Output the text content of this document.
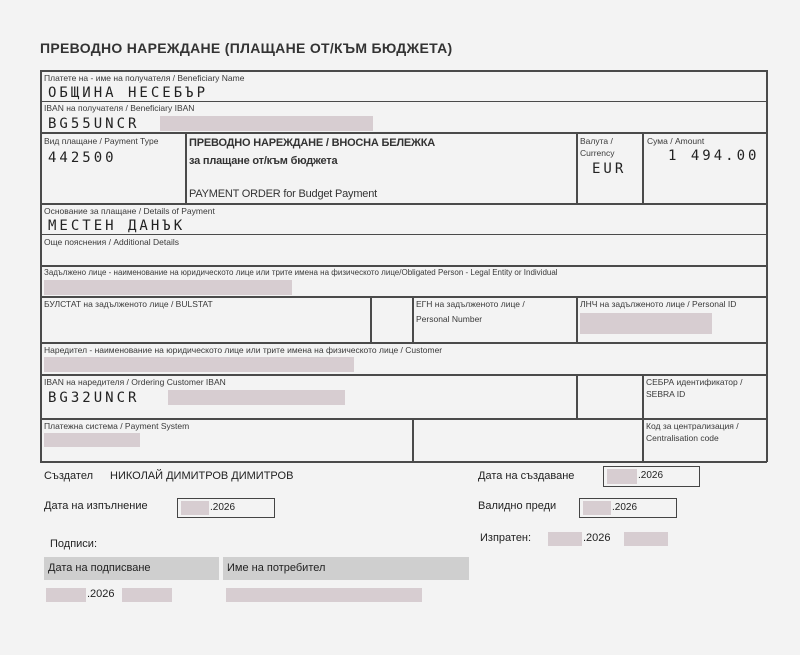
ПРЕВОДНО НАРЕЖДАНЕ (ПЛАЩАНЕ ОТ/КЪМ БЮДЖЕТА)
Платете на - име на получателя / Beneficiary Name
ОБЩИНА НЕСЕБЪР
IBAN на получателя / Beneficiary IBAN
BG55UNCR
Вид плащане / Payment Type
442500
ПРЕВОДНО НАРЕЖДАНЕ / ВНОСНА БЕЛЕЖКА
за плащане от/към бюджета
PAYMENT ORDER for Budget Payment
Валута /
Currency
EUR
Сума / Amount
1 494.00
Основание за плащане / Details of Payment
МЕСТЕН ДАНЪК
Още пояснения / Additional Details
Задължено лице - наименование на юридическото лице или трите имена на физическото лице/Obligated Person - Legal Entity or Individual
БУЛСТАТ на задълженото лице / BULSTAT	ЕГН на задълженото лице /
Personal Number
ЛНЧ на задълженото лице / Personal ID
Наредител - наименование на юридическото лице или трите имена на физическото лице / Customer
IBAN на наредителя / Ordering Customer IBAN
BG32UNCR
СЕБРА идентификатор /
SEBRA ID
Платежна система / Payment System	Код за централизация /
Centralisation code
Създател НИКОЛАЙ ДИМИТРОВ ДИМИТРОВ	Дата на създаване	.2026
Дата на изпълнение	.2026	Валидно преди	.2026
Подписи:	Изпратен:	.2026
Дата на подписване	Име на потребител
.2026
